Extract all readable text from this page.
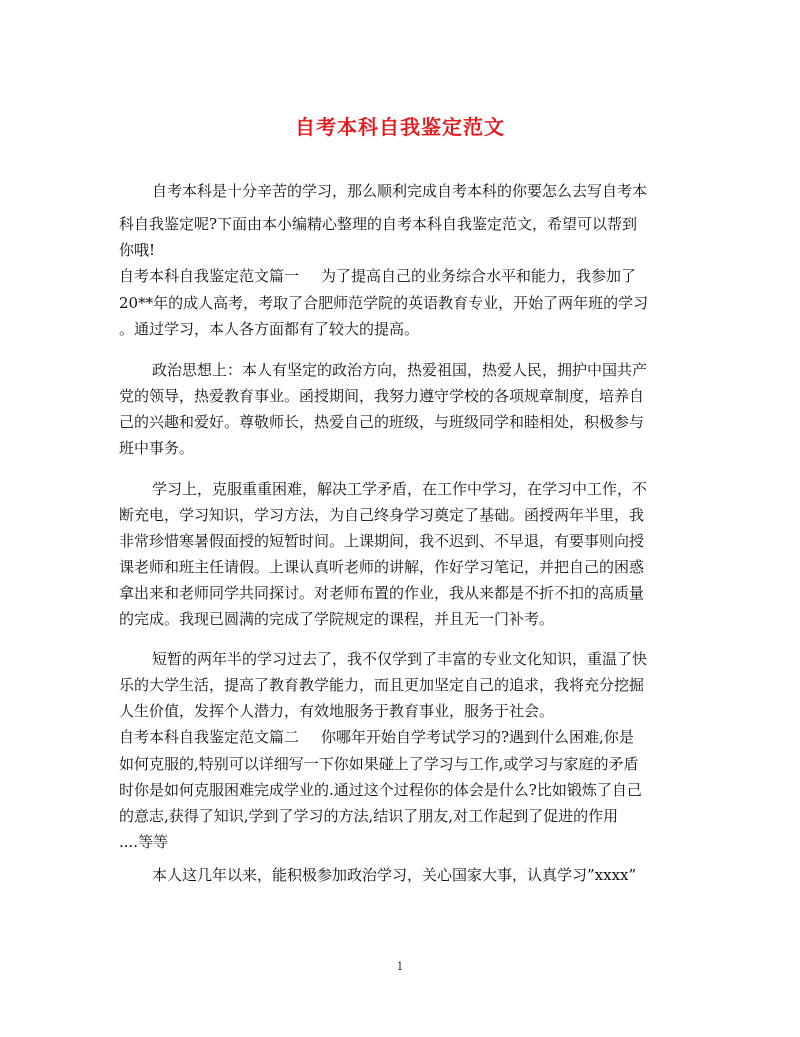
自考本科自我鉴定范文
自考本科是十分辛苦的学习，那么顺利完成自考本科的你要怎么去写自考本
科自我鉴定呢?下面由本小编精心整理的自考本科自我鉴定范文，希望可以帮到
你哦!
自考本科自我鉴定范文篇一 为了提高自己的业务综合水平和能力，我参加了
20**年的成人高考，考取了合肥师范学院的英语教育专业，开始了两年班的学习
。通过学习，本人各方面都有了较大的提高。
政治思想上：本人有坚定的政治方向，热爱祖国，热爱人民，拥护中国共产
党的领导，热爱教育事业。函授期间，我努力遵守学校的各项规章制度，培养自
己的兴趣和爱好。尊敬师长，热爱自己的班级，与班级同学和睦相处，积极参与
班中事务。
学习上，克服重重困难，解决工学矛盾，在工作中学习，在学习中工作，不
断充电，学习知识，学习方法，为自己终身学习奠定了基础。函授两年半里，我
非常珍惜寒暑假面授的短暂时间。上课期间，我不迟到、不早退，有要事则向授
课老师和班主任请假。上课认真听老师的讲解，作好学习笔记，并把自己的困惑
拿出来和老师同学共同探讨。对老师布置的作业，我从来都是不折不扣的高质量
的完成。我现已圆满的完成了学院规定的课程，并且无一门补考。
短暂的两年半的学习过去了，我不仅学到了丰富的专业文化知识，重温了快
乐的大学生活，提高了教育教学能力，而且更加坚定自己的追求，我将充分挖掘
人生价值，发挥个人潜力，有效地服务于教育事业，服务于社会。
自考本科自我鉴定范文篇二 你哪年开始自学考试学习的?遇到什么困难,你是
如何克服的,特别可以详细写一下你如果碰上了学习与工作,或学习与家庭的矛盾
时你是如何克服困难完成学业的.通过这个过程你的体会是什么?比如锻炼了自己
的意志,获得了知识,学到了学习的方法,结识了朋友,对工作起到了促进的作用
....等等
本人这几年以来，能积极参加政治学习，关心国家大事，认真学习”xxxx”
1
